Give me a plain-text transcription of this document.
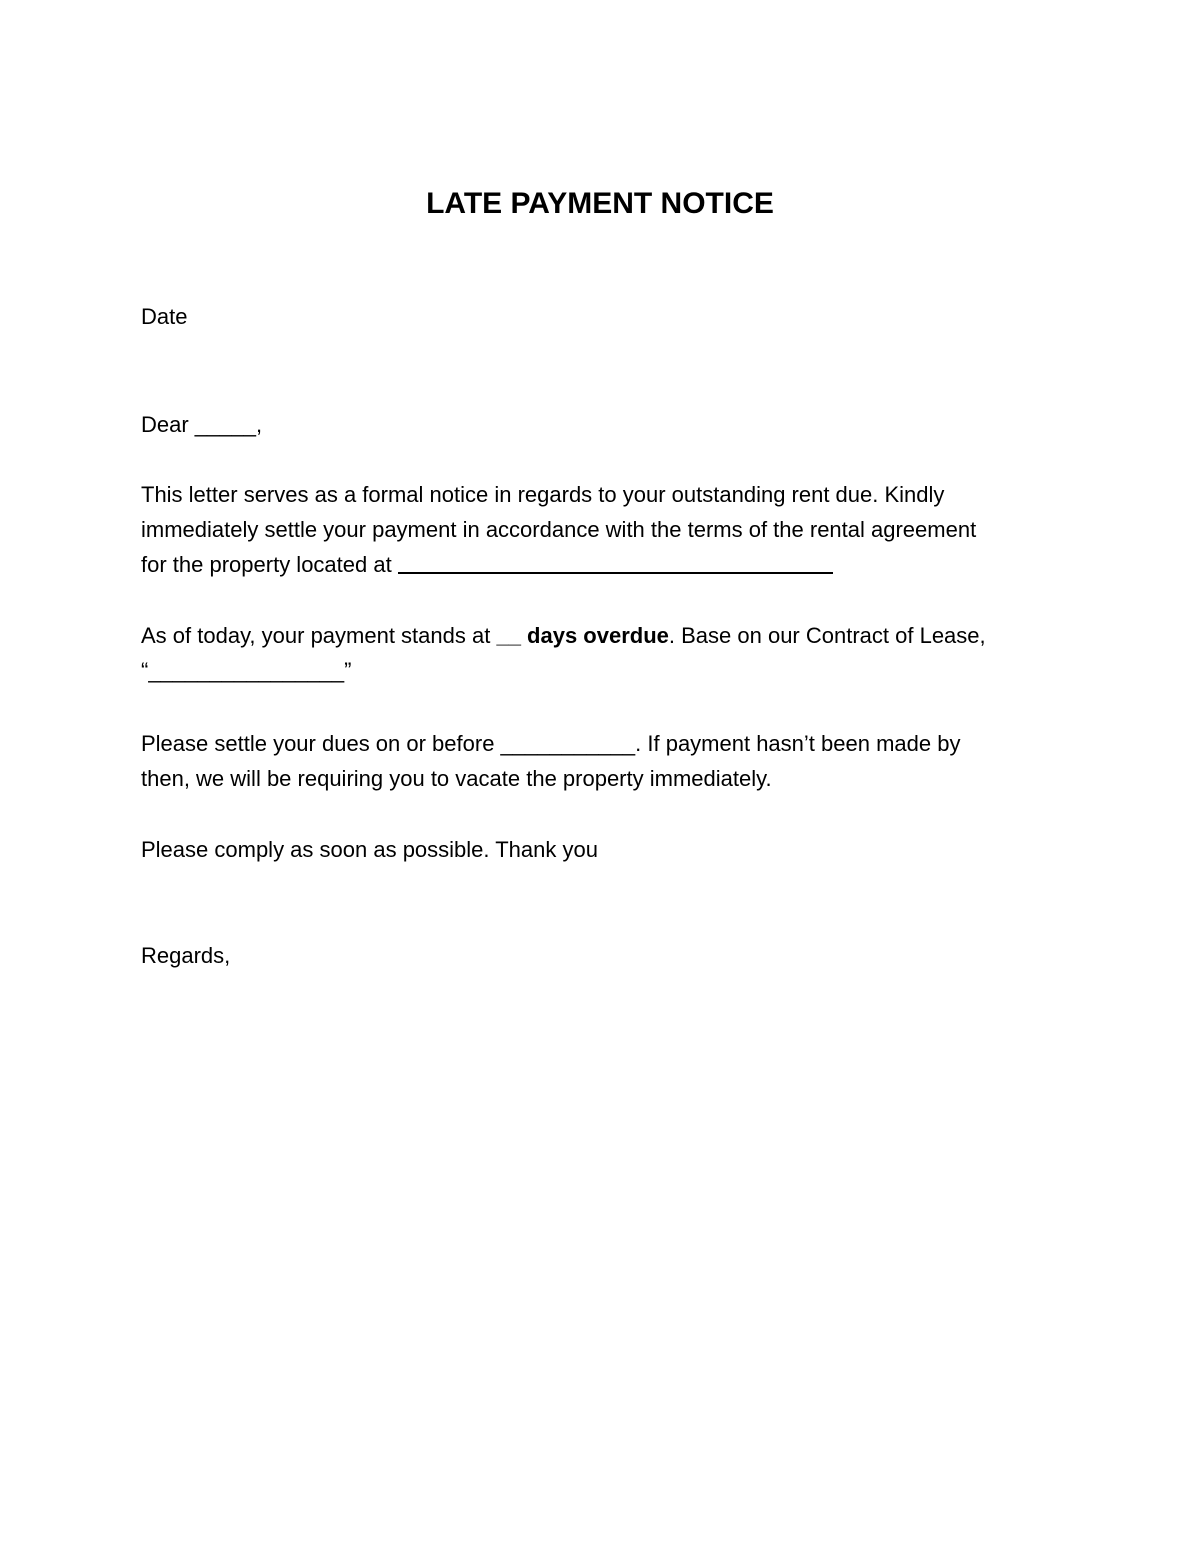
LATE PAYMENT NOTICE

Date

Dear _____,

This letter serves as a formal notice in regards to your outstanding rent due. Kindly
immediately settle your payment in accordance with the terms of the rental agreement
for the property located at
As of today, your payment stands at __ days overdue. Base on our Contract of Lease,
“________________”
Please settle your dues on or before ___________. If payment hasn’t been made by
then, we will be requiring you to vacate the property immediately.

Please comply as soon as possible. Thank you

Regards,
